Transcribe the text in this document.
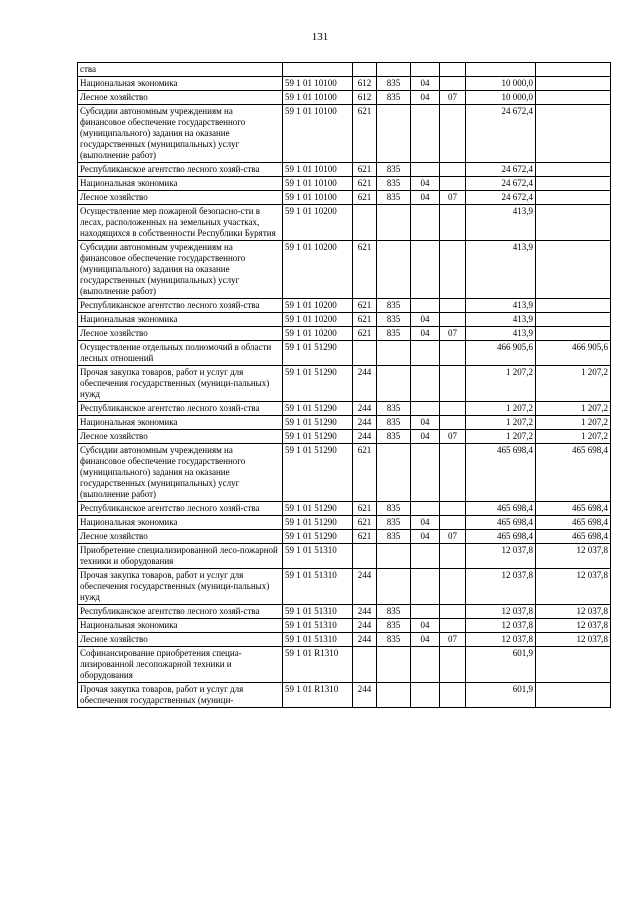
131
ства							
Национальная экономика	59 1 01 10100	612	835	04		10 000,0	
Лесное хозяйство	59 1 01 10100	612	835	04	07	10 000,0	
Субсидии автономным учреждениям на финансовое обеспечение государственного (муниципального) задания на оказание государственных (муниципальных) услуг (выполнение работ)	59 1 01 10100	621				24 672,4	
Республиканское агентство лесного хозяй-ства	59 1 01 10100	621	835			24 672,4	
Национальная экономика	59 1 01 10100	621	835	04		24 672,4	
Лесное хозяйство	59 1 01 10100	621	835	04	07	24 672,4	
Осуществление мер пожарной безопасно-сти в лесах, расположенных на земельных участках, находящихся в собственности Республики Бурятия	59 1 01 10200					413,9	
Субсидии автономным учреждениям на финансовое обеспечение государственного (муниципального) задания на оказание государственных (муниципальных) услуг (выполнение работ)	59 1 01 10200	621				413,9	
Республиканское агентство лесного хозяй-ства	59 1 01 10200	621	835			413,9	
Национальная экономика	59 1 01 10200	621	835	04		413,9	
Лесное хозяйство	59 1 01 10200	621	835	04	07	413,9	
Осуществление отдельных полномочий в области лесных отношений	59 1 01 51290					466 905,6	466 905,6
Прочая закупка товаров, работ и услуг для обеспечения государственных (муници-пальных) нужд	59 1 01 51290	244				1 207,2	1 207,2
Республиканское агентство лесного хозяй-ства	59 1 01 51290	244	835			1 207,2	1 207,2
Национальная экономика	59 1 01 51290	244	835	04		1 207,2	1 207,2
Лесное хозяйство	59 1 01 51290	244	835	04	07	1 207,2	1 207,2
Субсидии автономным учреждениям на финансовое обеспечение государственного (муниципального) задания на оказание государственных (муниципальных) услуг (выполнение работ)	59 1 01 51290	621				465 698,4	465 698,4
Республиканское агентство лесного хозяй-ства	59 1 01 51290	621	835			465 698,4	465 698,4
Национальная экономика	59 1 01 51290	621	835	04		465 698,4	465 698,4
Лесное хозяйство	59 1 01 51290	621	835	04	07	465 698,4	465 698,4
Приобретение специализированной лесо-пожарной техники и оборудования	59 1 01 51310					12 037,8	12 037,8
Прочая закупка товаров, работ и услуг для обеспечения государственных (муници-пальных) нужд	59 1 01 51310	244				12 037,8	12 037,8
Республиканское агентство лесного хозяй-ства	59 1 01 51310	244	835			12 037,8	12 037,8
Национальная экономика	59 1 01 51310	244	835	04		12 037,8	12 037,8
Лесное хозяйство	59 1 01 51310	244	835	04	07	12 037,8	12 037,8
Софинансирование приобретения специа-лизированной лесопожарной техники и оборудования	59 1 01 R1310					601,9	
Прочая закупка товаров, работ и услуг для обеспечения государственных (муници-	59 1 01 R1310	244				601,9	
